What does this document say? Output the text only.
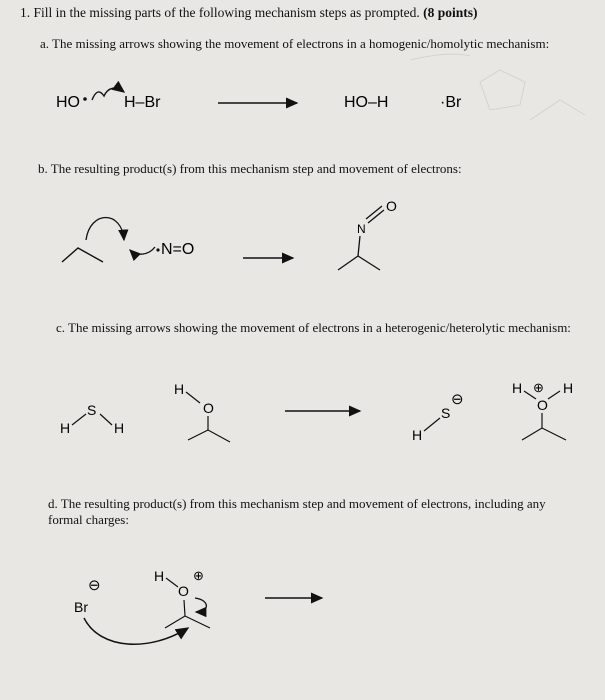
1. Fill in the missing parts of the following mechanism steps as prompted. (8 points)
a. The missing arrows showing the movement of electrons in a homogenic/homolytic mechanism:
b. The resulting product(s) from this mechanism step and movement of electrons:
c. The missing arrows showing the movement of electrons in a heterogenic/heterolytic mechanism:
d. The resulting product(s) from this mechanism step and movement of electrons, including any formal charges:
HO	H–Br	HO–H	·Br
N=O
N
O
H
S
H
H
O
H
S
⊖
H ⊕ H
O
⊖
Br
H
O
⊕
